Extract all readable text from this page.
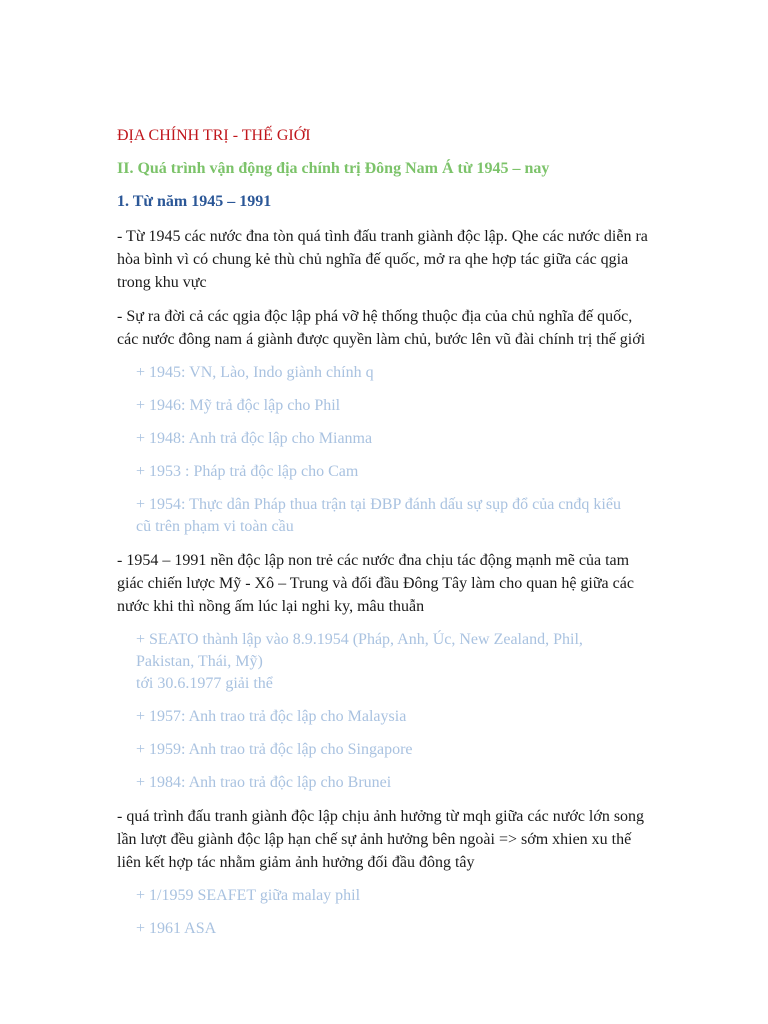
ĐỊA CHÍNH TRỊ - THẾ GIỚI
II. Quá trình vận động địa chính trị Đông Nam Á từ 1945 – nay
1. Từ năm 1945 – 1991
- Từ 1945 các nước đna tòn quá tình đấu tranh giành độc lập. Qhe các nước diễn ra
hòa bình vì có chung kẻ thù chủ nghĩa đế quốc, mở ra qhe hợp tác giữa các qgia
trong khu vực
- Sự ra đời cả các qgia độc lập phá vỡ hệ thống thuộc địa của chủ nghĩa đế quốc,
các nước đông nam á giành được quyền làm chủ, bước lên vũ đài chính trị thế giới
+ 1945: VN, Lào, Indo giành chính q
+ 1946: Mỹ trả độc lập cho Phil
+ 1948: Anh trả độc lập cho Mianma
+ 1953 : Pháp trả độc lập cho Cam
+ 1954: Thực dân Pháp thua trận tại ĐBP đánh dấu sự sụp đổ của cnđq kiểu
cũ trên phạm vi toàn cầu
- 1954 – 1991 nền độc lập non trẻ các nước đna chịu tác động mạnh mẽ của tam
giác chiến lược Mỹ - Xô – Trung và đối đầu Đông Tây làm cho quan hệ giữa các
nước khi thì nồng ấm lúc lại nghi ky, mâu thuẫn
+ SEATO thành lập vào 8.9.1954 (Pháp, Anh, Úc, New Zealand, Phil,
Pakistan, Thái, Mỹ)
tới 30.6.1977 giải thể
+ 1957: Anh trao trả độc lập cho Malaysia
+ 1959: Anh trao trả độc lập cho Singapore
+ 1984: Anh trao trả độc lập cho Brunei
- quá trình đấu tranh giành độc lập chịu ảnh hưởng từ mqh giữa các nước lớn song
lần lượt đều giành độc lập hạn chế sự ảnh hưởng bên ngoài => sớm xhien xu thế
liên kết hợp tác nhằm giảm ảnh hưởng đối đầu đông tây
+ 1/1959 SEAFET giữa malay phil
+ 1961 ASA
